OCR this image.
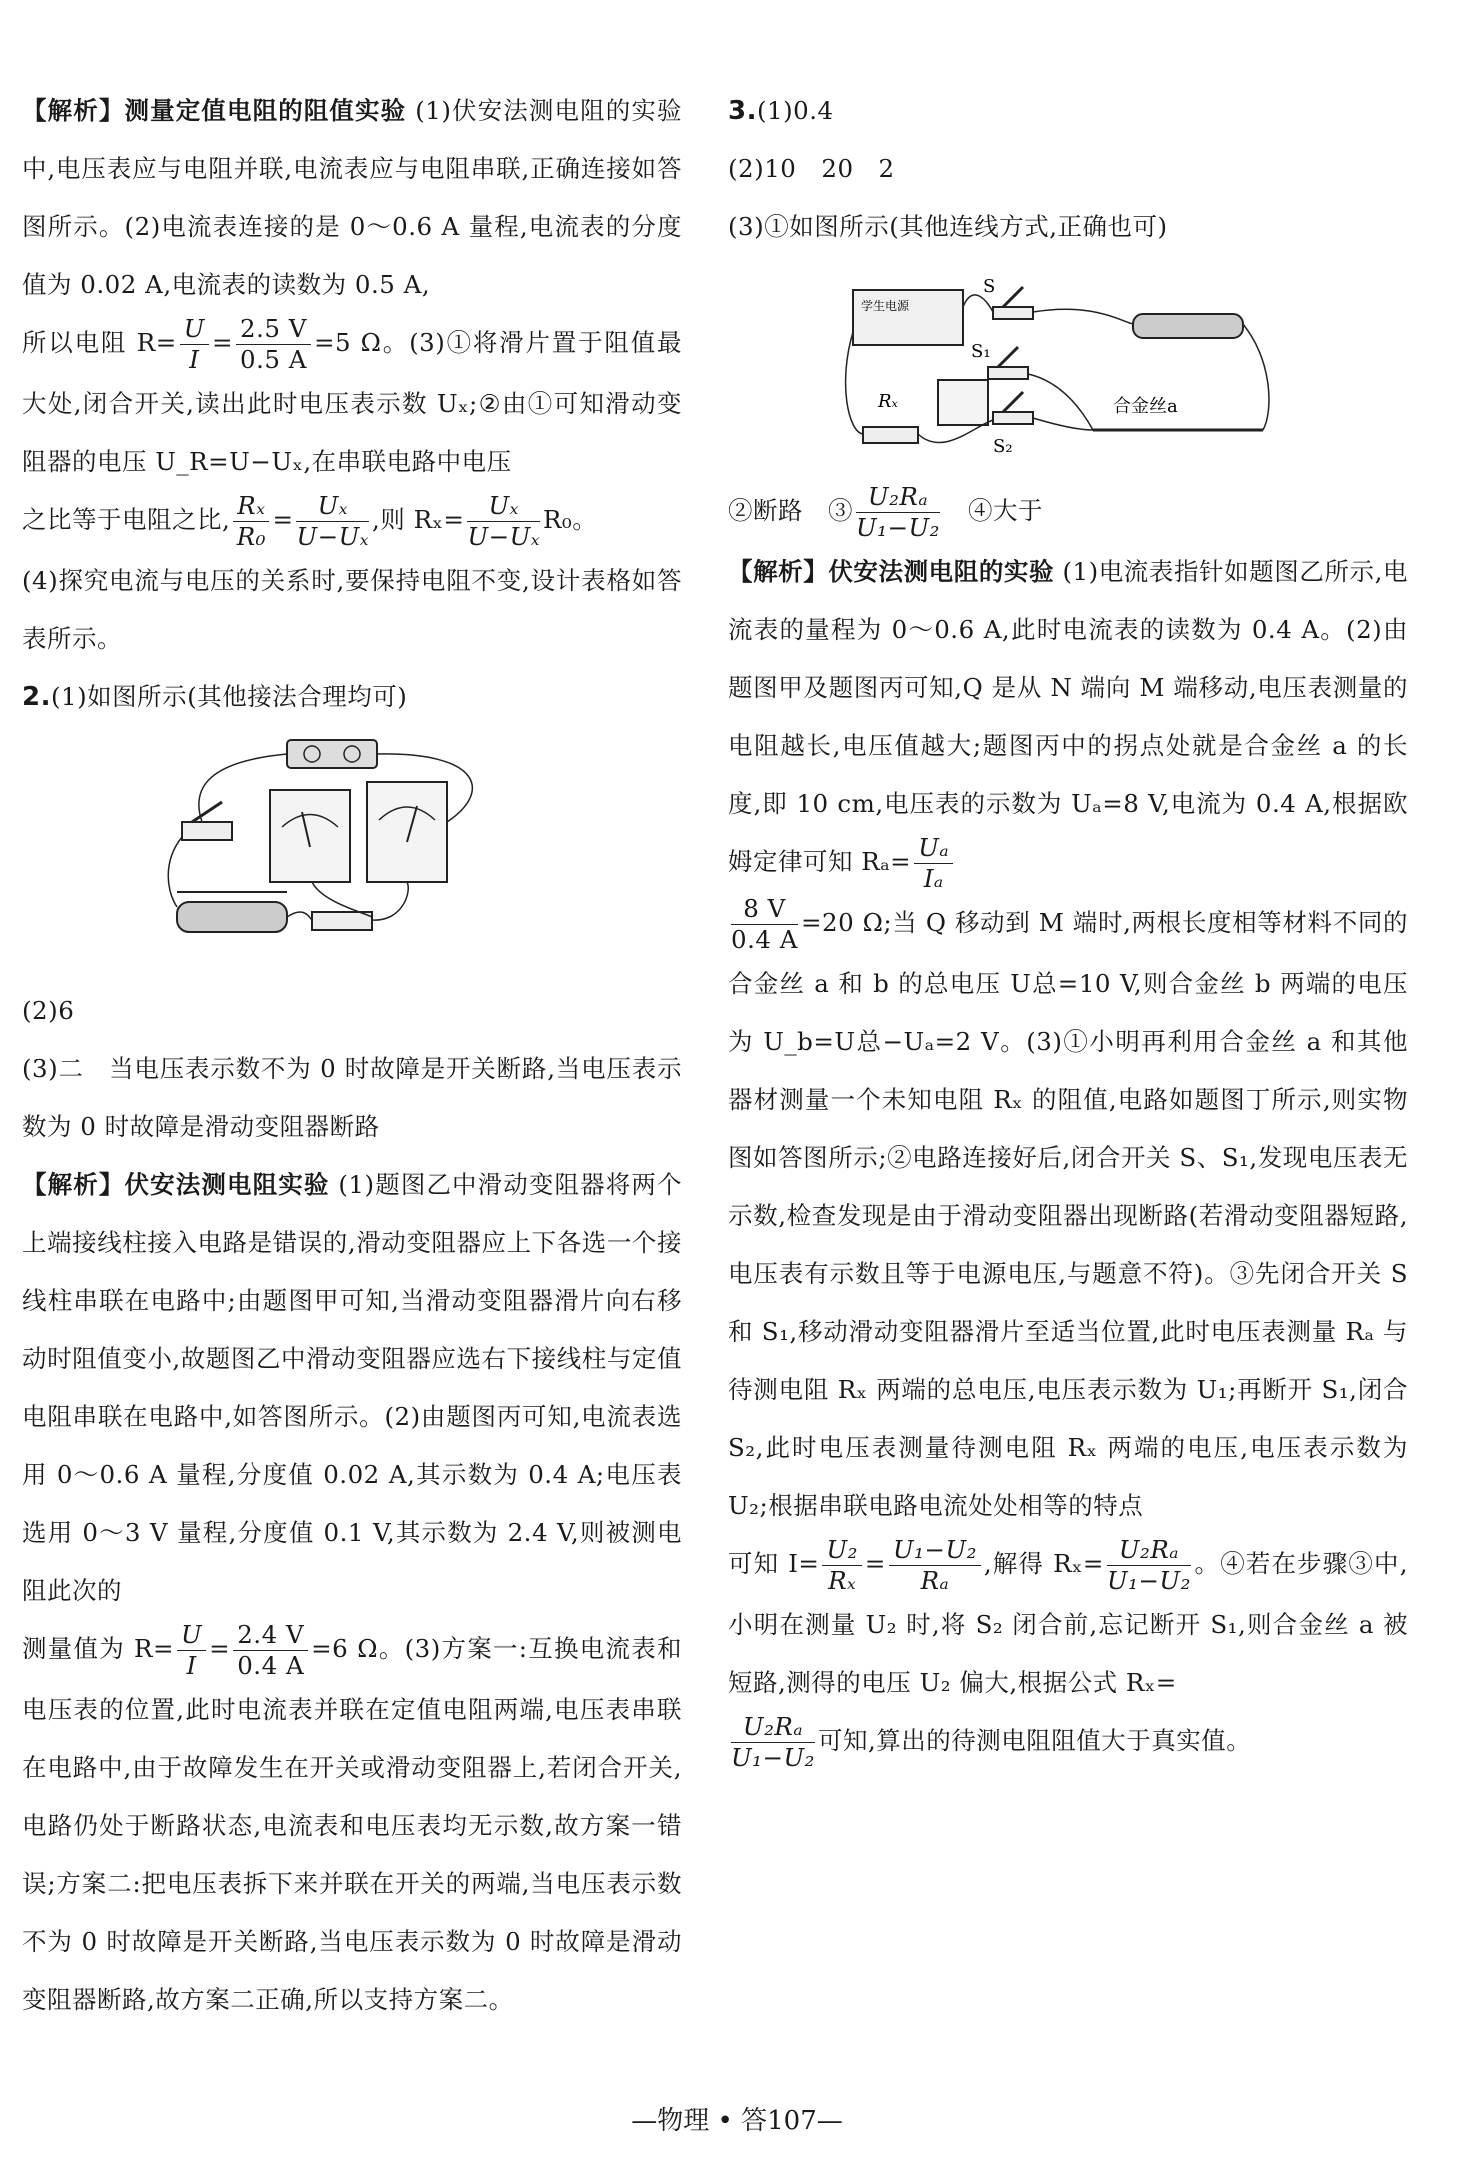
【解析】测量定值电阻的阻值实验 (1)伏安法测电阻的实验中,电压表应与电阻并联,电流表应与电阻串联,正确连接如答图所示。(2)电流表连接的是 0～0.6 A 量程,电流表的分度值为 0.02 A,电流表的读数为 0.5 A,

所以电阻 $R= \frac{U}{I} = \frac{2.5 V}{0.5 A} =5$ Ω。(3)①将滑片置于阻值最大处,闭合开关,读出此时电压表示数 Uₓ;②由①可知滑动变阻器的电压 U_R=U−Uₓ,在串联电路中电压

之比等于电阻之比, $\frac{\text{Rₓ}}{\text{R₀}} = \frac{\text{Uₓ}}{\text{U−Uₓ}}$ ,则 $R_x= \frac{\text{Uₓ}}{\text{U−Uₓ}} R_0$。

(4)探究电流与电压的关系时,要保持电阻不变,设计表格如答表所示。

2.(1)如图所示(其他接法合理均可)

(2)6

(3)二　当电压表示数不为 0 时故障是开关断路,当电压表示数为 0 时故障是滑动变阻器断路

【解析】伏安法测电阻实验 (1)题图乙中滑动变阻器将两个上端接线柱接入电路是错误的,滑动变阻器应上下各选一个接线柱串联在电路中;由题图甲可知,当滑动变阻器滑片向右移动时阻值变小,故题图乙中滑动变阻器应选右下接线柱与定值电阻串联在电路中,如答图所示。(2)由题图丙可知,电流表选用 0～0.6 A 量程,分度值 0.02 A,其示数为 0.4 A;电压表选用 0～3 V 量程,分度值 0.1 V,其示数为 2.4 V,则被测电阻此次的

测量值为 $R= \frac{U}{I} = \frac{2.4 V}{0.4 A} =6$ Ω。(3)方案一:互换电流表和电压表的位置,此时电流表并联在定值电阻两端,电压表串联在电路中,由于故障发生在开关或滑动变阻器上,若闭合开关,电路仍处于断路状态,电流表和电压表均无示数,故方案一错误;方案二:把电压表拆下来并联在开关的两端,当电压表示数不为 0 时故障是开关断路,当电压表示数为 0 时故障是滑动变阻器断路,故方案二正确,所以支持方案二。

3.(1)0.4

(2)10　20　2

(3)①如图所示(其他连线方式,正确也可)

学生电源
S
S₁
S₂
Rₓ	合金丝a

②断路　③ $\frac{\text{U₂Rₐ}}{\text{U₁−U₂}}$ 　④大于

【解析】伏安法测电阻的实验 (1)电流表指针如题图乙所示,电流表的量程为 0～0.6 A,此时电流表的读数为 0.4 A。(2)由题图甲及题图丙可知,Q 是从 N 端向 M 端移动,电压表测量的电阻越长,电压值越大;题图丙中的拐点处就是合金丝 a 的长度,即 10 cm,电压表的示数为 Uₐ=8 V,电流为 0.4 A,根据欧姆定律可知 $R_a= \frac{\text{Uₐ}}{\text{Iₐ}}$

$\frac{8 V}{0.4 A} =20$ Ω;当 Q 移动到 M 端时,两根长度相等材料不同的合金丝 a 和 b 的总电压 U总=10 V,则合金丝 b 两端的电压为 U_b=U总−Uₐ=2 V。(3)①小明再利用合金丝 a 和其他器材测量一个未知电阻 Rₓ 的阻值,电路如题图丁所示,则实物图如答图所示;②电路连接好后,闭合开关 S、S₁,发现电压表无示数,检查发现是由于滑动变阻器出现断路(若滑动变阻器短路,电压表有示数且等于电源电压,与题意不符)。③先闭合开关 S 和 S₁,移动滑动变阻器滑片至适当位置,此时电压表测量 Rₐ 与待测电阻 Rₓ 两端的总电压,电压表示数为 U₁;再断开 S₁,闭合 S₂,此时电压表测量待测电阻 Rₓ 两端的电压,电压表示数为 U₂;根据串联电路电流处处相等的特点

可知 $I= \frac{\text{U₂}}{\text{Rₓ}} = \frac{\text{U₁−U₂}}{\text{Rₐ}}$ ,解得 $R_x= \frac{\text{U₂Rₐ}}{\text{U₁−U₂}}$ 。④若在步骤③中,小明在测量 U₂ 时,将 S₂ 闭合前,忘记断开 S₁,则合金丝 a 被短路,测得的电压 U₂ 偏大,根据公式 Rₓ=

$\frac{\text{U₂Rₐ}}{\text{U₁−U₂}}$ 可知,算出的待测电阻阻值大于真实值。

—物理 • 答107—
